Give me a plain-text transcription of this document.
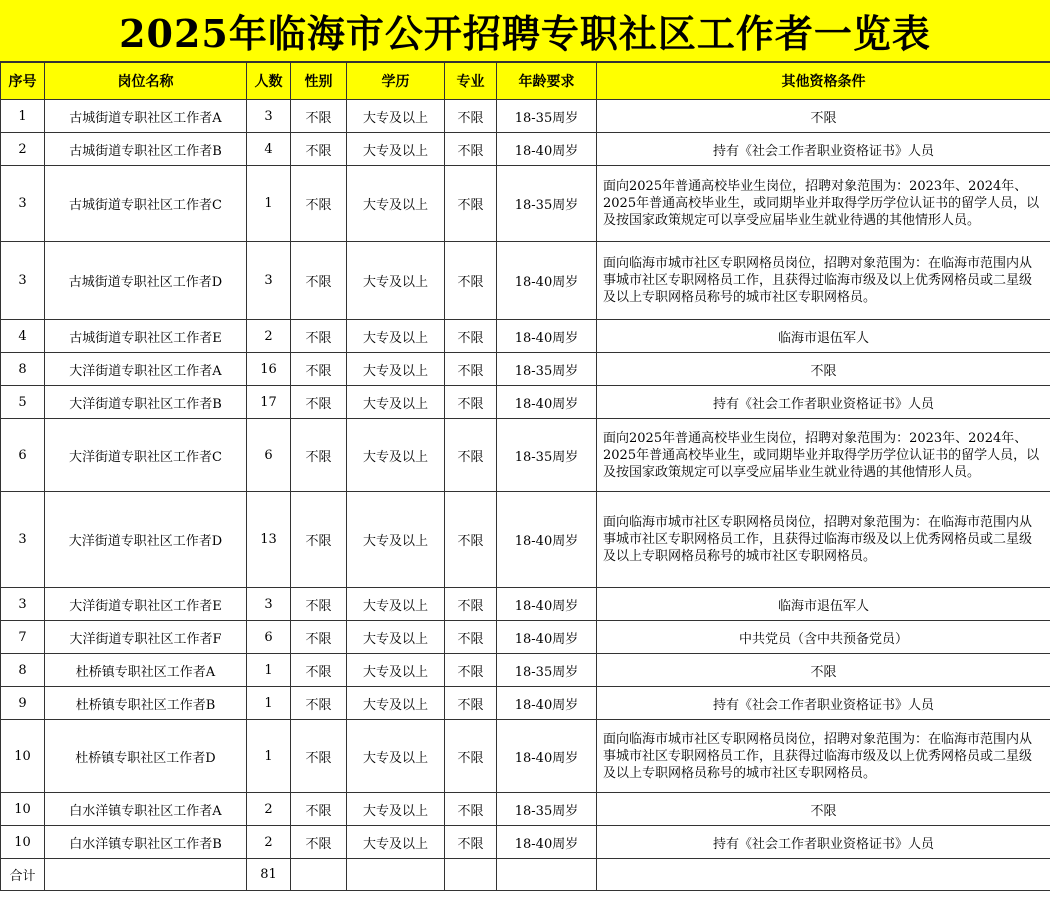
2025年临海市公开招聘专职社区工作者一览表
序号	岗位名称	人数	性别	学历	专业	年龄要求	其他资格条件
1	古城街道专职社区工作者A	3	不限	大专及以上	不限	18-35周岁	不限
2	古城街道专职社区工作者B	4	不限	大专及以上	不限	18-40周岁	持有《社会工作者职业资格证书》人员
3	古城街道专职社区工作者C	1	不限	大专及以上	不限	18-35周岁	面向2025年普通高校毕业生岗位，招聘对象范围为：2023年、2024年、2025年普通高校毕业生，或同期毕业并取得学历学位认证书的留学人员，以及按国家政策规定可以享受应届毕业生就业待遇的其他情形人员。
3	古城街道专职社区工作者D	3	不限	大专及以上	不限	18-40周岁	面向临海市城市社区专职网格员岗位，招聘对象范围为：在临海市范围内从事城市社区专职网格员工作，且获得过临海市级及以上优秀网格员或二星级及以上专职网格员称号的城市社区专职网格员。
4	古城街道专职社区工作者E	2	不限	大专及以上	不限	18-40周岁	临海市退伍军人
8	大洋街道专职社区工作者A	16	不限	大专及以上	不限	18-35周岁	不限
5	大洋街道专职社区工作者B	17	不限	大专及以上	不限	18-40周岁	持有《社会工作者职业资格证书》人员
6	大洋街道专职社区工作者C	6	不限	大专及以上	不限	18-35周岁	面向2025年普通高校毕业生岗位，招聘对象范围为：2023年、2024年、2025年普通高校毕业生，或同期毕业并取得学历学位认证书的留学人员，以及按国家政策规定可以享受应届毕业生就业待遇的其他情形人员。
3	大洋街道专职社区工作者D	13	不限	大专及以上	不限	18-40周岁	面向临海市城市社区专职网格员岗位，招聘对象范围为：在临海市范围内从事城市社区专职网格员工作，且获得过临海市级及以上优秀网格员或二星级及以上专职网格员称号的城市社区专职网格员。
3	大洋街道专职社区工作者E	3	不限	大专及以上	不限	18-40周岁	临海市退伍军人
7	大洋街道专职社区工作者F	6	不限	大专及以上	不限	18-40周岁	中共党员（含中共预备党员）
8	杜桥镇专职社区工作者A	1	不限	大专及以上	不限	18-35周岁	不限
9	杜桥镇专职社区工作者B	1	不限	大专及以上	不限	18-40周岁	持有《社会工作者职业资格证书》人员
10	杜桥镇专职社区工作者D	1	不限	大专及以上	不限	18-40周岁	面向临海市城市社区专职网格员岗位，招聘对象范围为：在临海市范围内从事城市社区专职网格员工作，且获得过临海市级及以上优秀网格员或二星级及以上专职网格员称号的城市社区专职网格员。
10	白水洋镇专职社区工作者A	2	不限	大专及以上	不限	18-35周岁	不限
10	白水洋镇专职社区工作者B	2	不限	大专及以上	不限	18-40周岁	持有《社会工作者职业资格证书》人员
合计		81					
